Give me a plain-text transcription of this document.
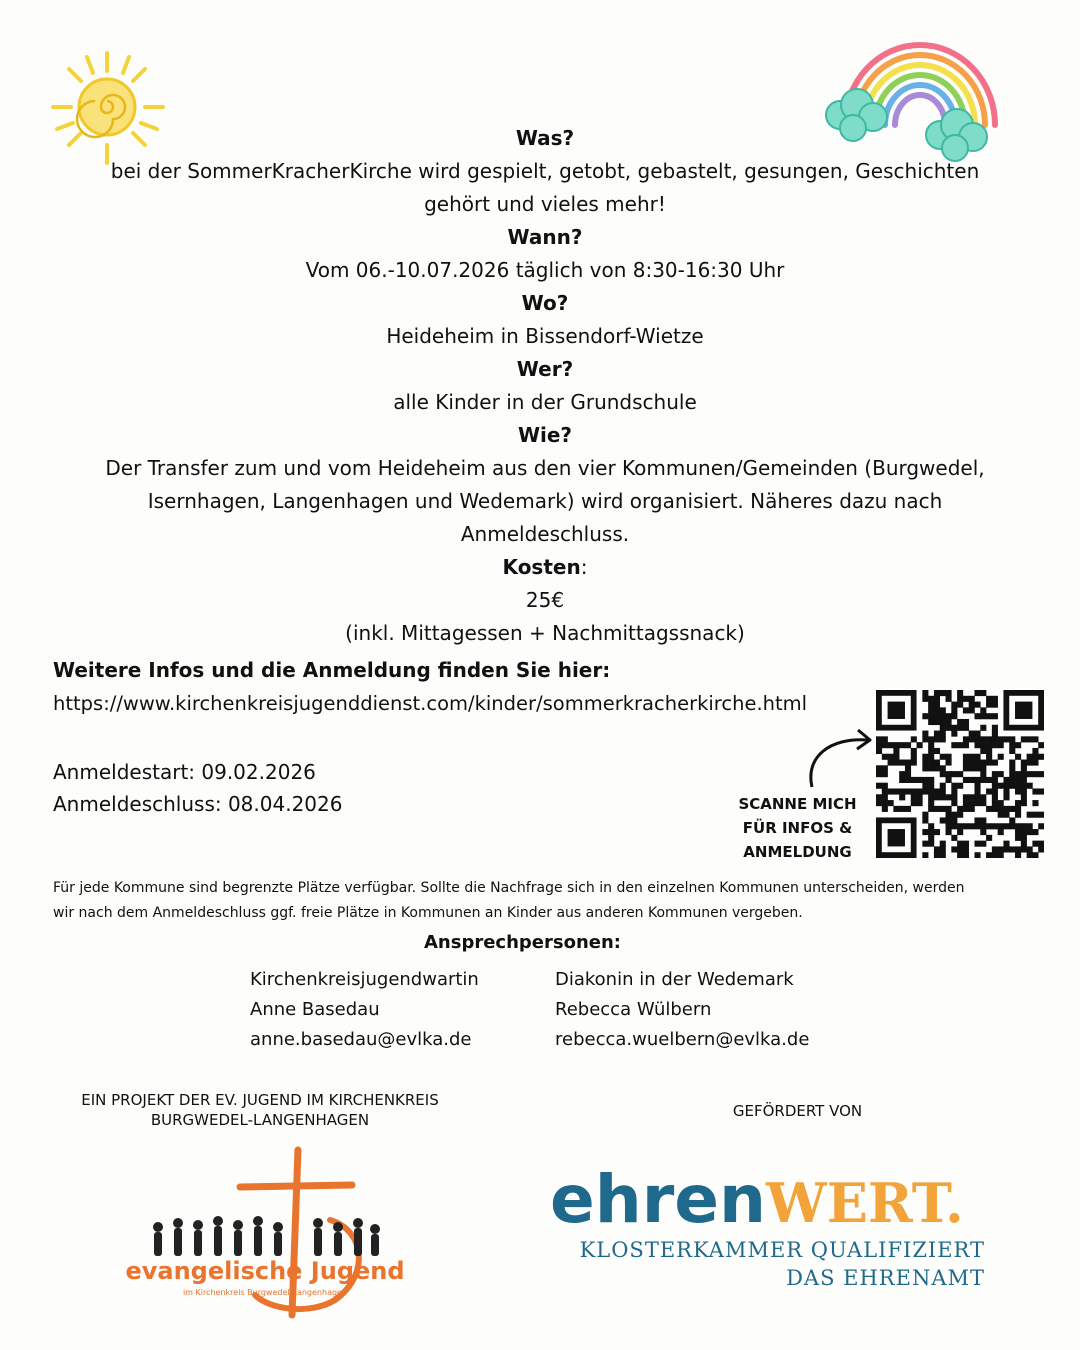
Was?

bei der SommerKracherKirche wird gespielt, getobt, gebastelt, gesungen, Geschichten

gehört und vieles mehr!

Wann?

Vom 06.-10.07.2026 täglich von 8:30-16:30 Uhr

Wo?

Heideheim in Bissendorf-Wietze

Wer?

alle Kinder in der Grundschule

Wie?

Der Transfer zum und vom Heideheim aus den vier Kommunen/Gemeinden (Burgwedel,

Isernhagen, Langenhagen und Wedemark) wird organisiert. Näheres dazu nach

Anmeldeschluss.

Kosten:

25€

(inkl. Mittagessen + Nachmittagssnack)

Weitere Infos und die Anmeldung finden Sie hier:
https://www.kirchenkreisjugenddienst.com/kinder/sommerkracherkirche.html
Anmeldestart: 09.02.2026
Anmeldeschluss: 08.04.2026	SCANNE MICH
FÜR INFOS &
ANMELDUNG
Für jede Kommune sind begrenzte Plätze verfügbar. Sollte die Nachfrage sich in den einzelnen Kommunen unterscheiden, werden
wir nach dem Anmeldeschluss ggf. freie Plätze in Kommunen an Kinder aus anderen Kommunen vergeben.
Ansprechpersonen:
Kirchenkreisjugendwartin
Anne Basedau
anne.basedau@evlka.de
Diakonin in der Wedemark
Rebecca Wülbern
rebecca.wuelbern@evlka.de
EIN PROJEKT DER EV. JUGEND IM KIRCHENKREIS
BURGWEDEL-LANGENHAGEN	GEFÖRDERT VON
evangelische Jugend
im Kirchenkreis Burgwedel-Langenhagen
ehrenWERT.
KLOSTERKAMMER QUALIFIZIERT
DAS EHRENAMT
